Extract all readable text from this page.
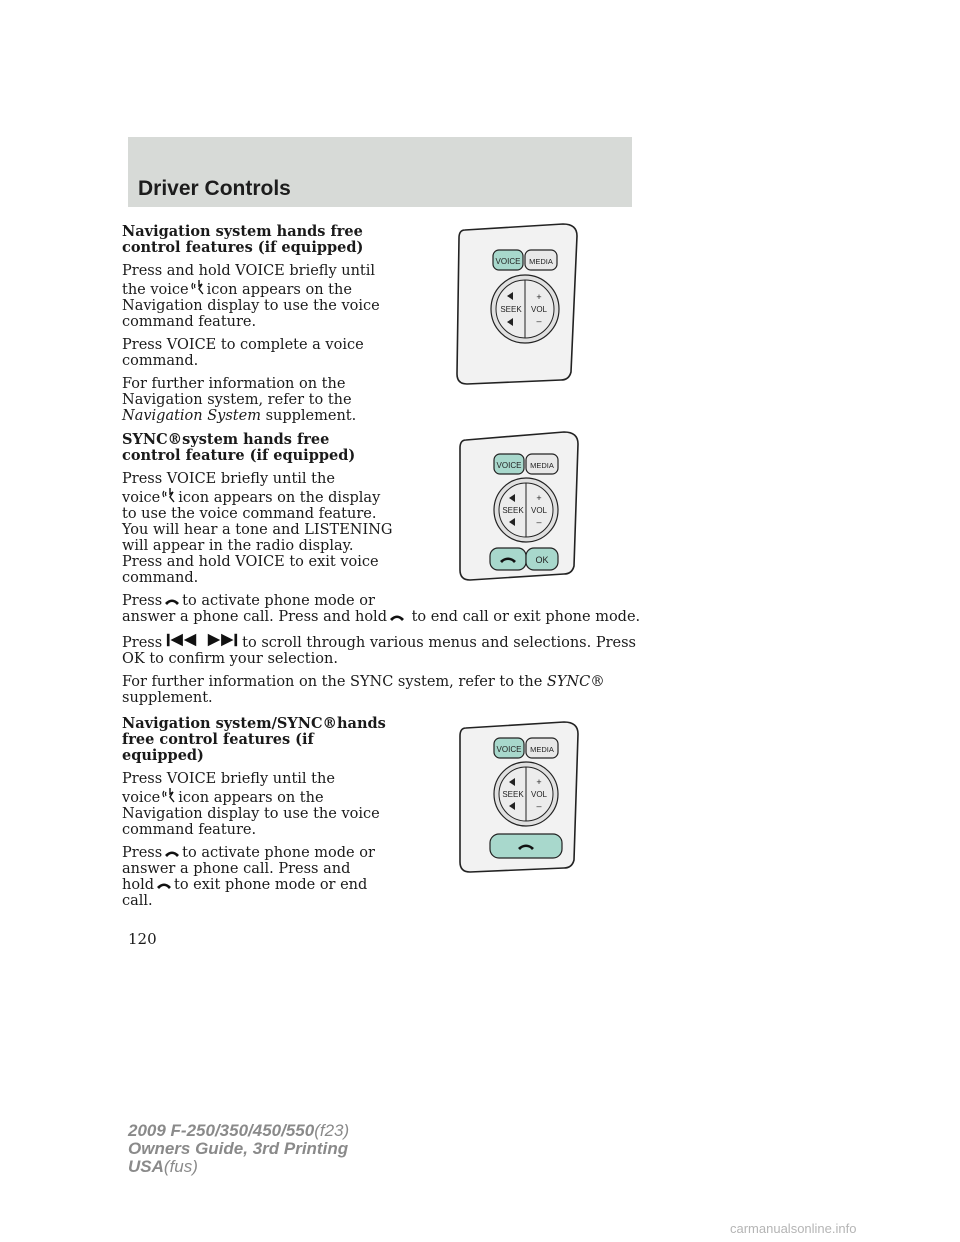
Driver Controls
Navigation system hands free
control features (if equipped)

Press and hold VOICE briefly until
the voice icon appears on the
Navigation display to use the voice
command feature.

Press VOICE to complete a voice
command.

For further information on the
Navigation system, refer to the
Navigation System supplement.

SYNC®system hands free
control feature (if equipped)

Press VOICE briefly until the
voice icon appears on the display
to use the voice command feature.
You will hear a tone and LISTENING
will appear in the radio display.
Press and hold VOICE to exit voice
command.

Press to activate phone mode or
answer a phone call. Press and hold to end call or exit phone mode.

Press	to scroll through various menus and selections. Press
OK to confirm your selection.

For further information on the SYNC system, refer to the SYNC®
supplement.

Navigation system/SYNC®hands
free control features (if
equipped)

Press VOICE briefly until the
voice icon appears on the
Navigation display to use the voice
command feature.

Press to activate phone mode or
answer a phone call. Press and
hold to exit phone mode or end
call.

VOICE MEDIA
SEEK VOL
+
–
VOICE MEDIA
SEEK VOL
+
–
OK
VOICE MEDIA
SEEK VOL
+
–
120
2009 F-250/350/450/550(f23)
Owners Guide, 3rd Printing
USA(fus)
carmanualsonline.info
